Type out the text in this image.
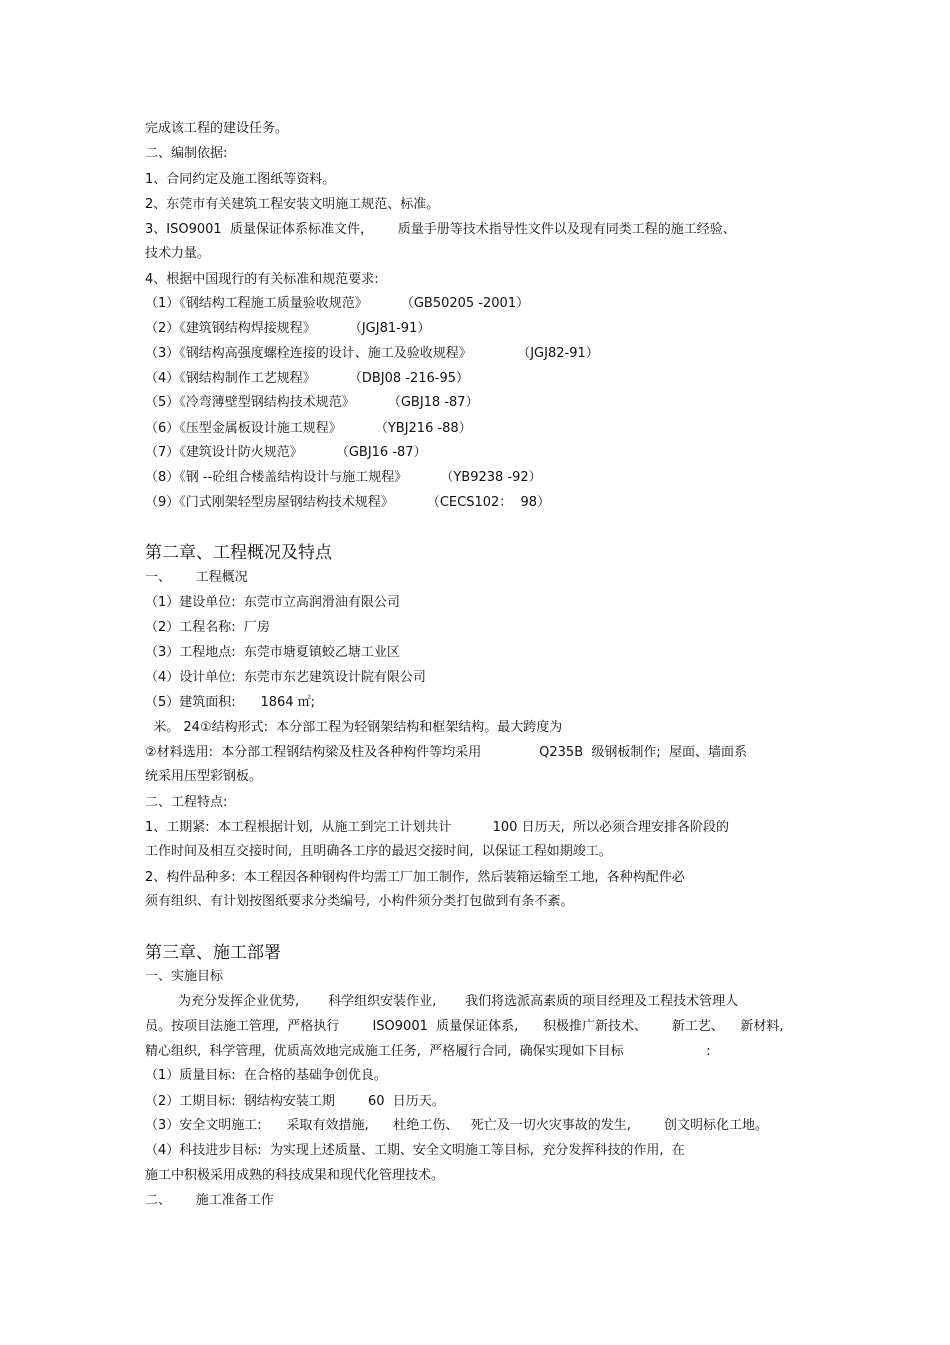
完成该工程的建设任务。
二、编制依据:
1、合同约定及施工图纸等资料。
2、东莞市有关建筑工程安装文明施工规范、标准。
3、ISO9001  质量保证体系标准文件，      质量手册等技术指导性文件以及现有同类工程的施工经验、
技术力量。
4、根据中国现行的有关标准和规范要求:
（1）《钢结构工程施工质量验收规范》        （GB50205 -2001）
（2）《建筑钢结构焊接规程》        （JGJ81-91）
（3）《钢结构高强度螺栓连接的设计、施工及验收规程》           （JGJ82-91）
（4）《钢结构制作工艺规程》        （DBJ08 -216-95）
（5）《冷弯薄壁型钢结构技术规范》        （GBJ18 -87）
（6）《压型金属板设计施工规程》        （YBJ216 -88）
（7）《建筑设计防火规范》        （GBJ16 -87）
（8）《钢 --砼组合楼盖结构设计与施工规程》        （YB9238 -92）
（9）《门式刚架轻型房屋钢结构技术规程》        （CECS102：  98）
第二章、工程概况及特点
一、      工程概况
（1）建设单位:  东莞市立高润滑油有限公司
（2）工程名称:  厂房
（3）工程地点:  东莞市塘夏镇蛟乙塘工业区
（4）设计单位:  东莞市东艺建筑设计院有限公司
（5）建筑面积:      1864 ㎡;
米。 24①结构形式:  本分部工程为轻钢架结构和框架结构。最大跨度为
②材料选用:  本分部工程钢结构梁及柱及各种构件等均采用              Q235B  级钢板制作;  屋面、墙面系
统采用压型彩钢板。
二、工程特点:
1、工期紧:  本工程根据计划,  从施工到完工计划共计          100 日历天,  所以必须合理安排各阶段的
工作时间及相互交接时间,  且明确各工序的最迟交接时间,  以保证工程如期竣工。
2、构件品种多:  本工程因各种钢构件均需工厂加工制作,  然后装箱运输至工地,  各种构配件必
须有组织、有计划按图纸要求分类编号,  小构件须分类打包做到有条不紊。
第三章、施工部署
一、实施目标
为充分发挥企业优势,       科学组织安装作业,       我们将选派高素质的项目经理及工程技术管理人
员。按项目法施工管理,  严格执行        ISO9001  质量保证体系,      积极推广新技术、      新工艺、    新材料,
精心组织,  科学管理,  优质高效地完成施工任务,  严格履行合同,  确保实现如下目标                    :
（1）质量目标:  在合格的基础争创优良。
（2）工期目标:  钢结构安装工期        60  日历天。
（3）安全文明施工:      采取有效措施,      杜绝工伤、   死亡及一切火灾事故的发生,        创文明标化工地。
（4）科技进步目标:  为实现上述质量、工期、安全文明施工等目标,  充分发挥科技的作用,  在
施工中积极采用成熟的科技成果和现代化管理技术。
二、      施工准备工作
